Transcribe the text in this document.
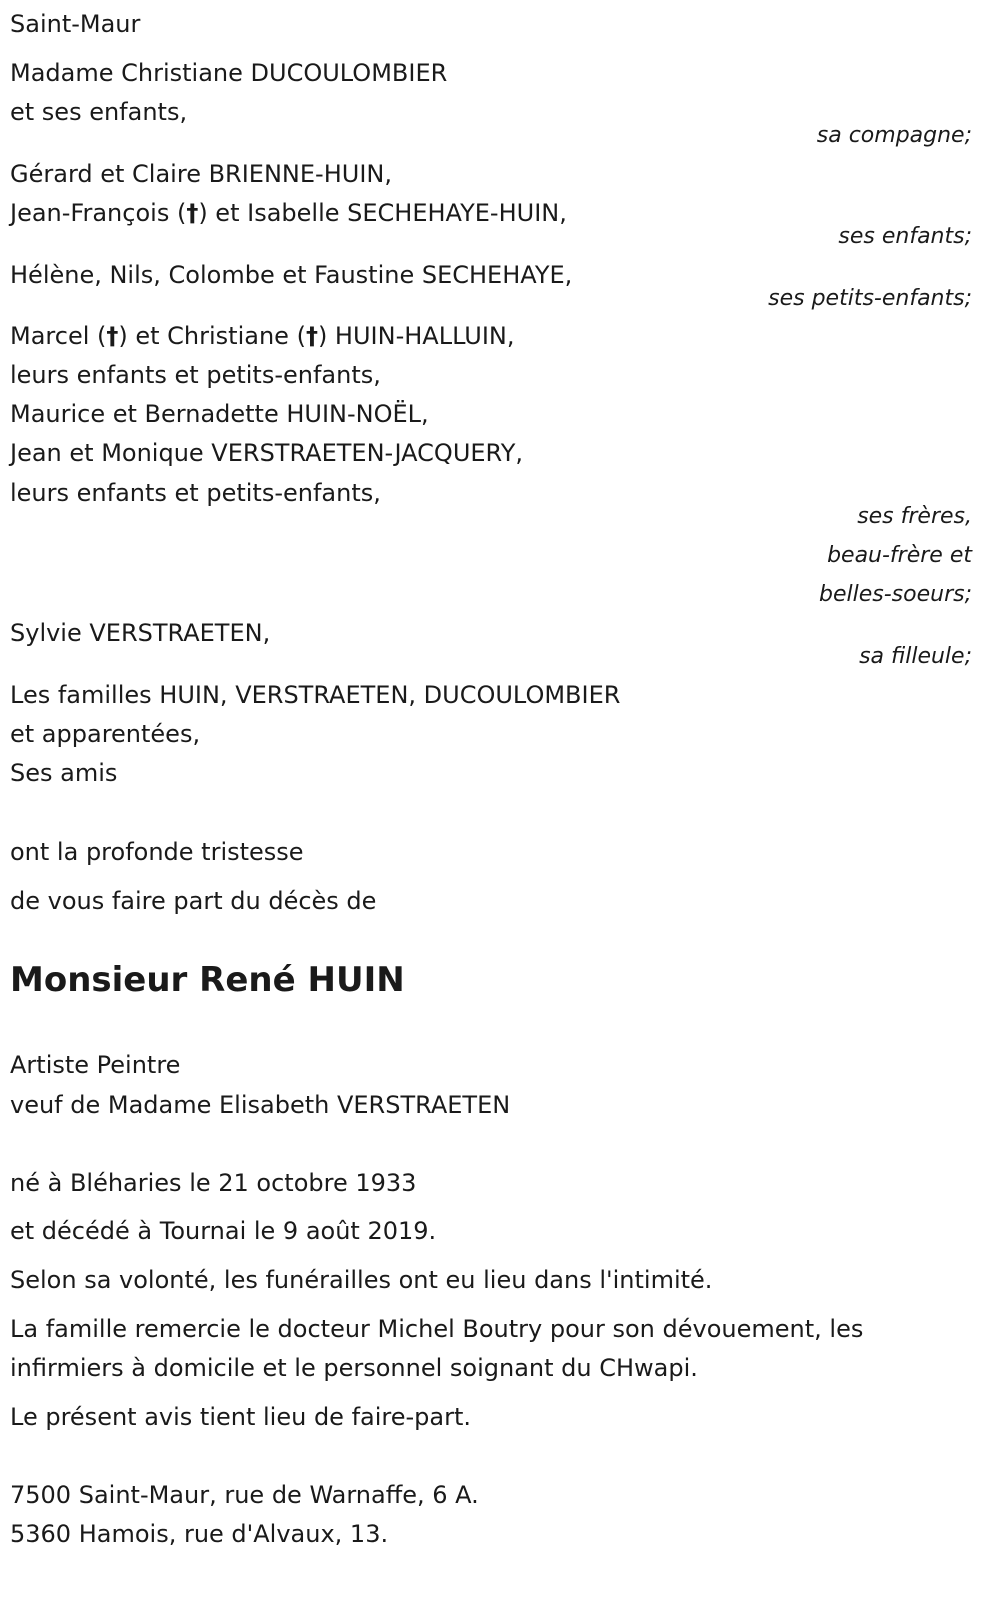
Saint-Maur
Madame Christiane DUCOULOMBIER
et ses enfants,
sa compagne;
Gérard et Claire BRIENNE-HUIN,
Jean-François (†) et Isabelle SECHEHAYE-HUIN,
ses enfants;
Hélène, Nils, Colombe et Faustine SECHEHAYE,
ses petits-enfants;
Marcel (†) et Christiane (†) HUIN-HALLUIN,
leurs enfants et petits-enfants,
Maurice et Bernadette HUIN-NOËL,
Jean et Monique VERSTRAETEN-JACQUERY,
leurs enfants et petits-enfants,
ses frères,
beau-frère et
belles-soeurs;
Sylvie VERSTRAETEN,
sa filleule;
Les familles HUIN, VERSTRAETEN, DUCOULOMBIER
et apparentées,
Ses amis
ont la profonde tristesse
de vous faire part du décès de
Monsieur René HUIN
Artiste Peintre
veuf de Madame Elisabeth VERSTRAETEN
né à Bléharies le 21 octobre 1933
et décédé à Tournai le 9 août 2019.
Selon sa volonté, les funérailles ont eu lieu dans l'intimité.
La famille remercie le docteur Michel Boutry pour son dévouement, les
infirmiers à domicile et le personnel soignant du CHwapi.
Le présent avis tient lieu de faire-part.
7500 Saint-Maur, rue de Warnaffe, 6 A.
5360 Hamois, rue d'Alvaux, 13.
